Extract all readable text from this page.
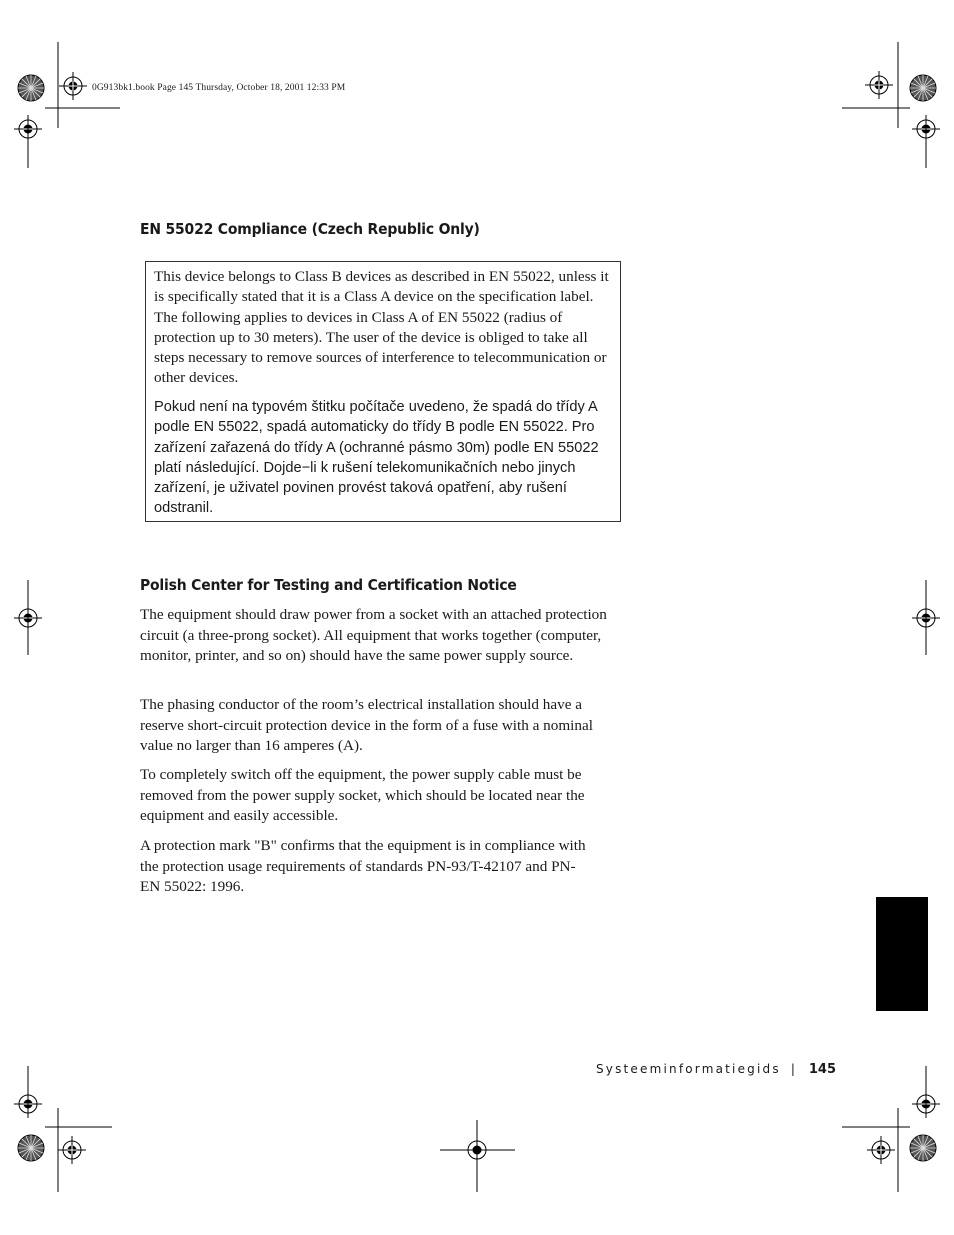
0G913bk1.book Page 145 Thursday, October 18, 2001 12:33 PM
EN 55022 Compliance (Czech Republic Only)

This device belongs to Class B devices as described in EN 55022, unless it is specifically stated that it is a Class A device on the specification label. The following applies to devices in Class A of EN 55022 (radius of protection up to 30 meters). The user of the device is obliged to take all steps necessary to remove sources of interference to telecommunication or other devices.

Pokud není na typovém štitku počítače uvedeno, že spadá do třídy A podle EN 55022, spadá automaticky do třídy B podle EN 55022. Pro zařízení zařazená do třídy A (ochranné pásmo 30m) podle EN 55022 platí následující. Dojde−li k rušení telekomunikačních nebo jinych zařízení, je uživatel povinen provést taková opatření, aby rušení odstranil.

Polish Center for Testing and Certification Notice

The equipment should draw power from a socket with an attached protection circuit (a three-prong socket). All equipment that works together (computer, monitor, printer, and so on) should have the same power supply source.

The phasing conductor of the room’s electrical installation should have a reserve short-circuit protection device in the form of a fuse with a nominal value no larger than 16 amperes (A).

To completely switch off the equipment, the power supply cable must be removed from the power supply socket, which should be located near the equipment and easily accessible.

A protection mark "B" confirms that the equipment is in compliance with the protection usage requirements of standards PN-93/T-42107 and PN-EN 55022: 1996.

Systeeminformatiegids | 145
